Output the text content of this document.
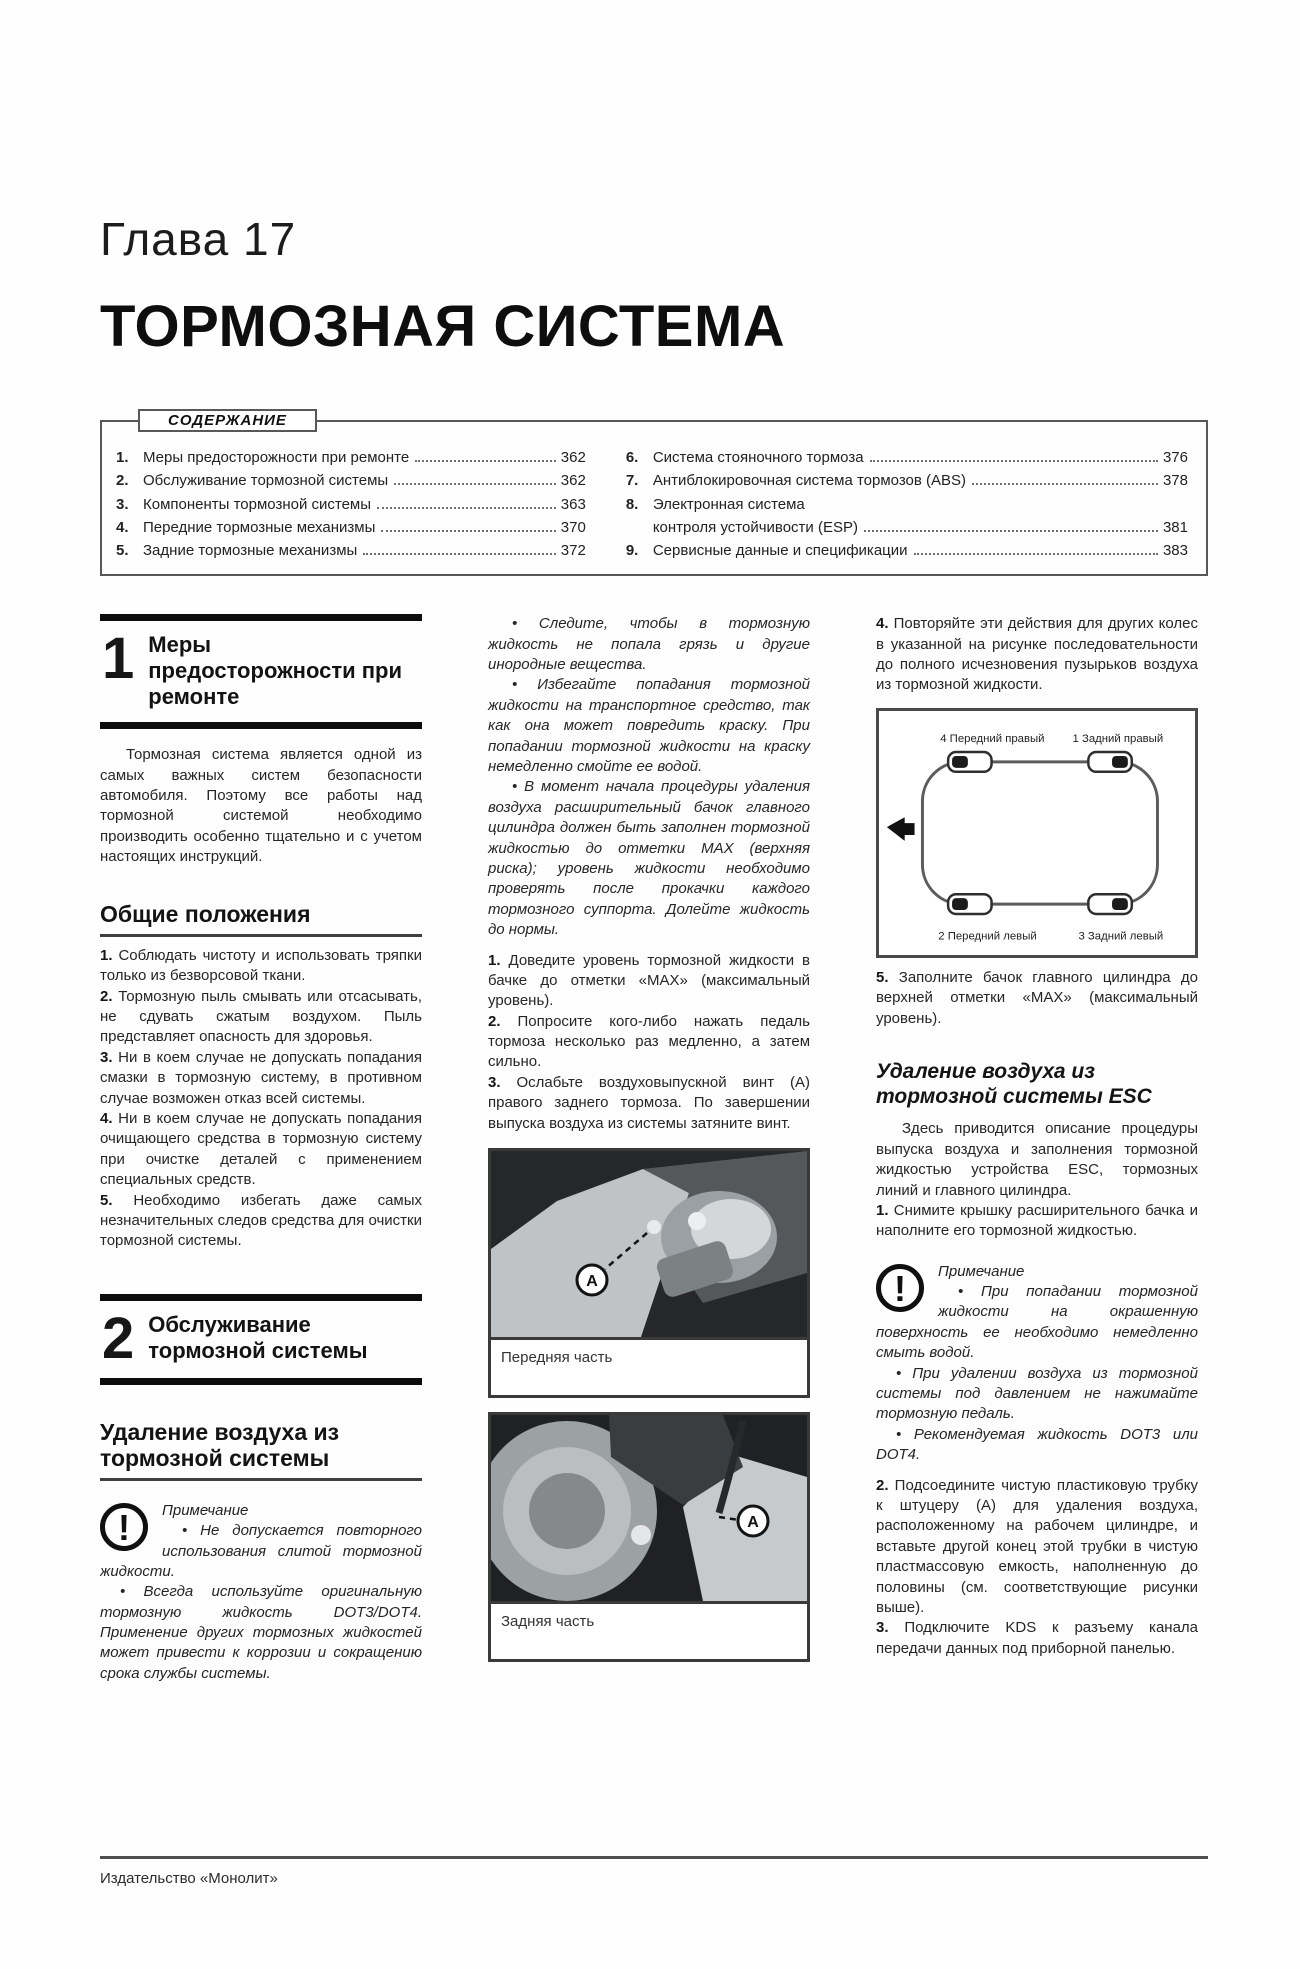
Глава 17
ТОРМОЗНАЯ СИСТЕМА
СОДЕРЖАНИЕ
1. Меры предосторожности при ремонте	362
2. Обслуживание тормозной системы	362
3. Компоненты тормозной системы	363
4. Передние тормозные механизмы	370
5. Задние тормозные механизмы	372
6. Система стояночного тормоза	376
7. Антиблокировочная система тормозов (ABS)	378
8. Электронная система
контроля устойчивости (ESP)	381
9. Сервисные данные и спецификации	383
1 Меры предосторожности при ремонте

Тормозная система является одной из самых важных систем безопасности автомобиля. Поэтому все работы над тормозной системой необходимо производить особенно тщательно и с учетом настоящих инструкций.

Общие положения

1. Соблюдать чистоту и использовать тряпки только из безворсовой ткани.

2. Тормозную пыль смывать или отсасывать, не сдувать сжатым воздухом. Пыль представляет опасность для здоровья.

3. Ни в коем случае не допускать попадания смазки в тормозную систему, в противном случае возможен отказ всей системы.

4. Ни в коем случае не допускать попадания очищающего средства в тормозную систему при очистке деталей с применением специальных средств.

5. Необходимо избегать даже самых незначительных следов средства для очистки тормозной системы.

2 Обслуживание тормозной системы
Удаление воздуха из тормозной системы
!	Примечание

• Не допускается повторного использования слитой тормозной жидкости.

• Всегда используйте оригинальную тормозную жидкость DOT3/DOT4. Применение других тормозных жидкостей может привести к коррозии и сокращению срока службы системы.

• Следите, чтобы в тормозную жидкость не попала грязь и другие инородные вещества.

• Избегайте попадания тормозной жидкости на транспортное средство, так как она может повредить краску. При попадании тормозной жидкости на краску немедленно смойте ее водой.

• В момент начала процедуры удаления воздуха расширительный бачок главного цилиндра должен быть заполнен тормозной жидкостью до отметки MAX (верхняя риска); уровень жидкости необходимо проверять после прокачки каждого тормозного суппорта. Долейте жидкость до нормы.

1. Доведите уровень тормозной жидкости в бачке до отметки «MAX» (максимальный уровень).

2. Попросите кого-либо нажать педаль тормоза несколько раз медленно, а затем сильно.

3. Ослабьте воздуховыпускной винт (А) правого заднего тормоза. По завершении выпуска воздуха из системы затяните винт.

A
Передняя часть
A
Задняя часть

4. Повторяйте эти действия для других колес в указанной на рисунке последовательности до полного исчезновения пузырьков воздуха из тормозной жидкости.

4 Передний правый 1 Задний правый
2 Передний левый	3 Задний левый

5. Заполните бачок главного цилиндра до верхней отметки «MAX» (максимальный уровень).

Удаление воздуха из тормозной системы ESC

Здесь приводится описание процедуры выпуска воздуха и заполнения тормозной жидкостью устройства ESC, тормозных линий и главного цилиндра.

1. Снимите крышку расширительного бачка и наполните его тормозной жидкостью.

!	Примечание

• При попадании тормозной жидкости на окрашенную поверхность ее необходимо немедленно смыть водой.

• При удалении воздуха из тормозной системы под давлением не нажимайте тормозную педаль.

• Рекомендуемая жидкость DOT3 или DOT4.

2. Подсоедините чистую пластиковую трубку к штуцеру (А) для удаления воздуха, расположенному на рабочем цилиндре, и вставьте другой конец этой трубки в чистую пластмассовую емкость, наполненную до половины (см. соответствующие рисунки выше).

3. Подключите KDS к разъему канала передачи данных под приборной панелью.

Издательство «Монолит»
